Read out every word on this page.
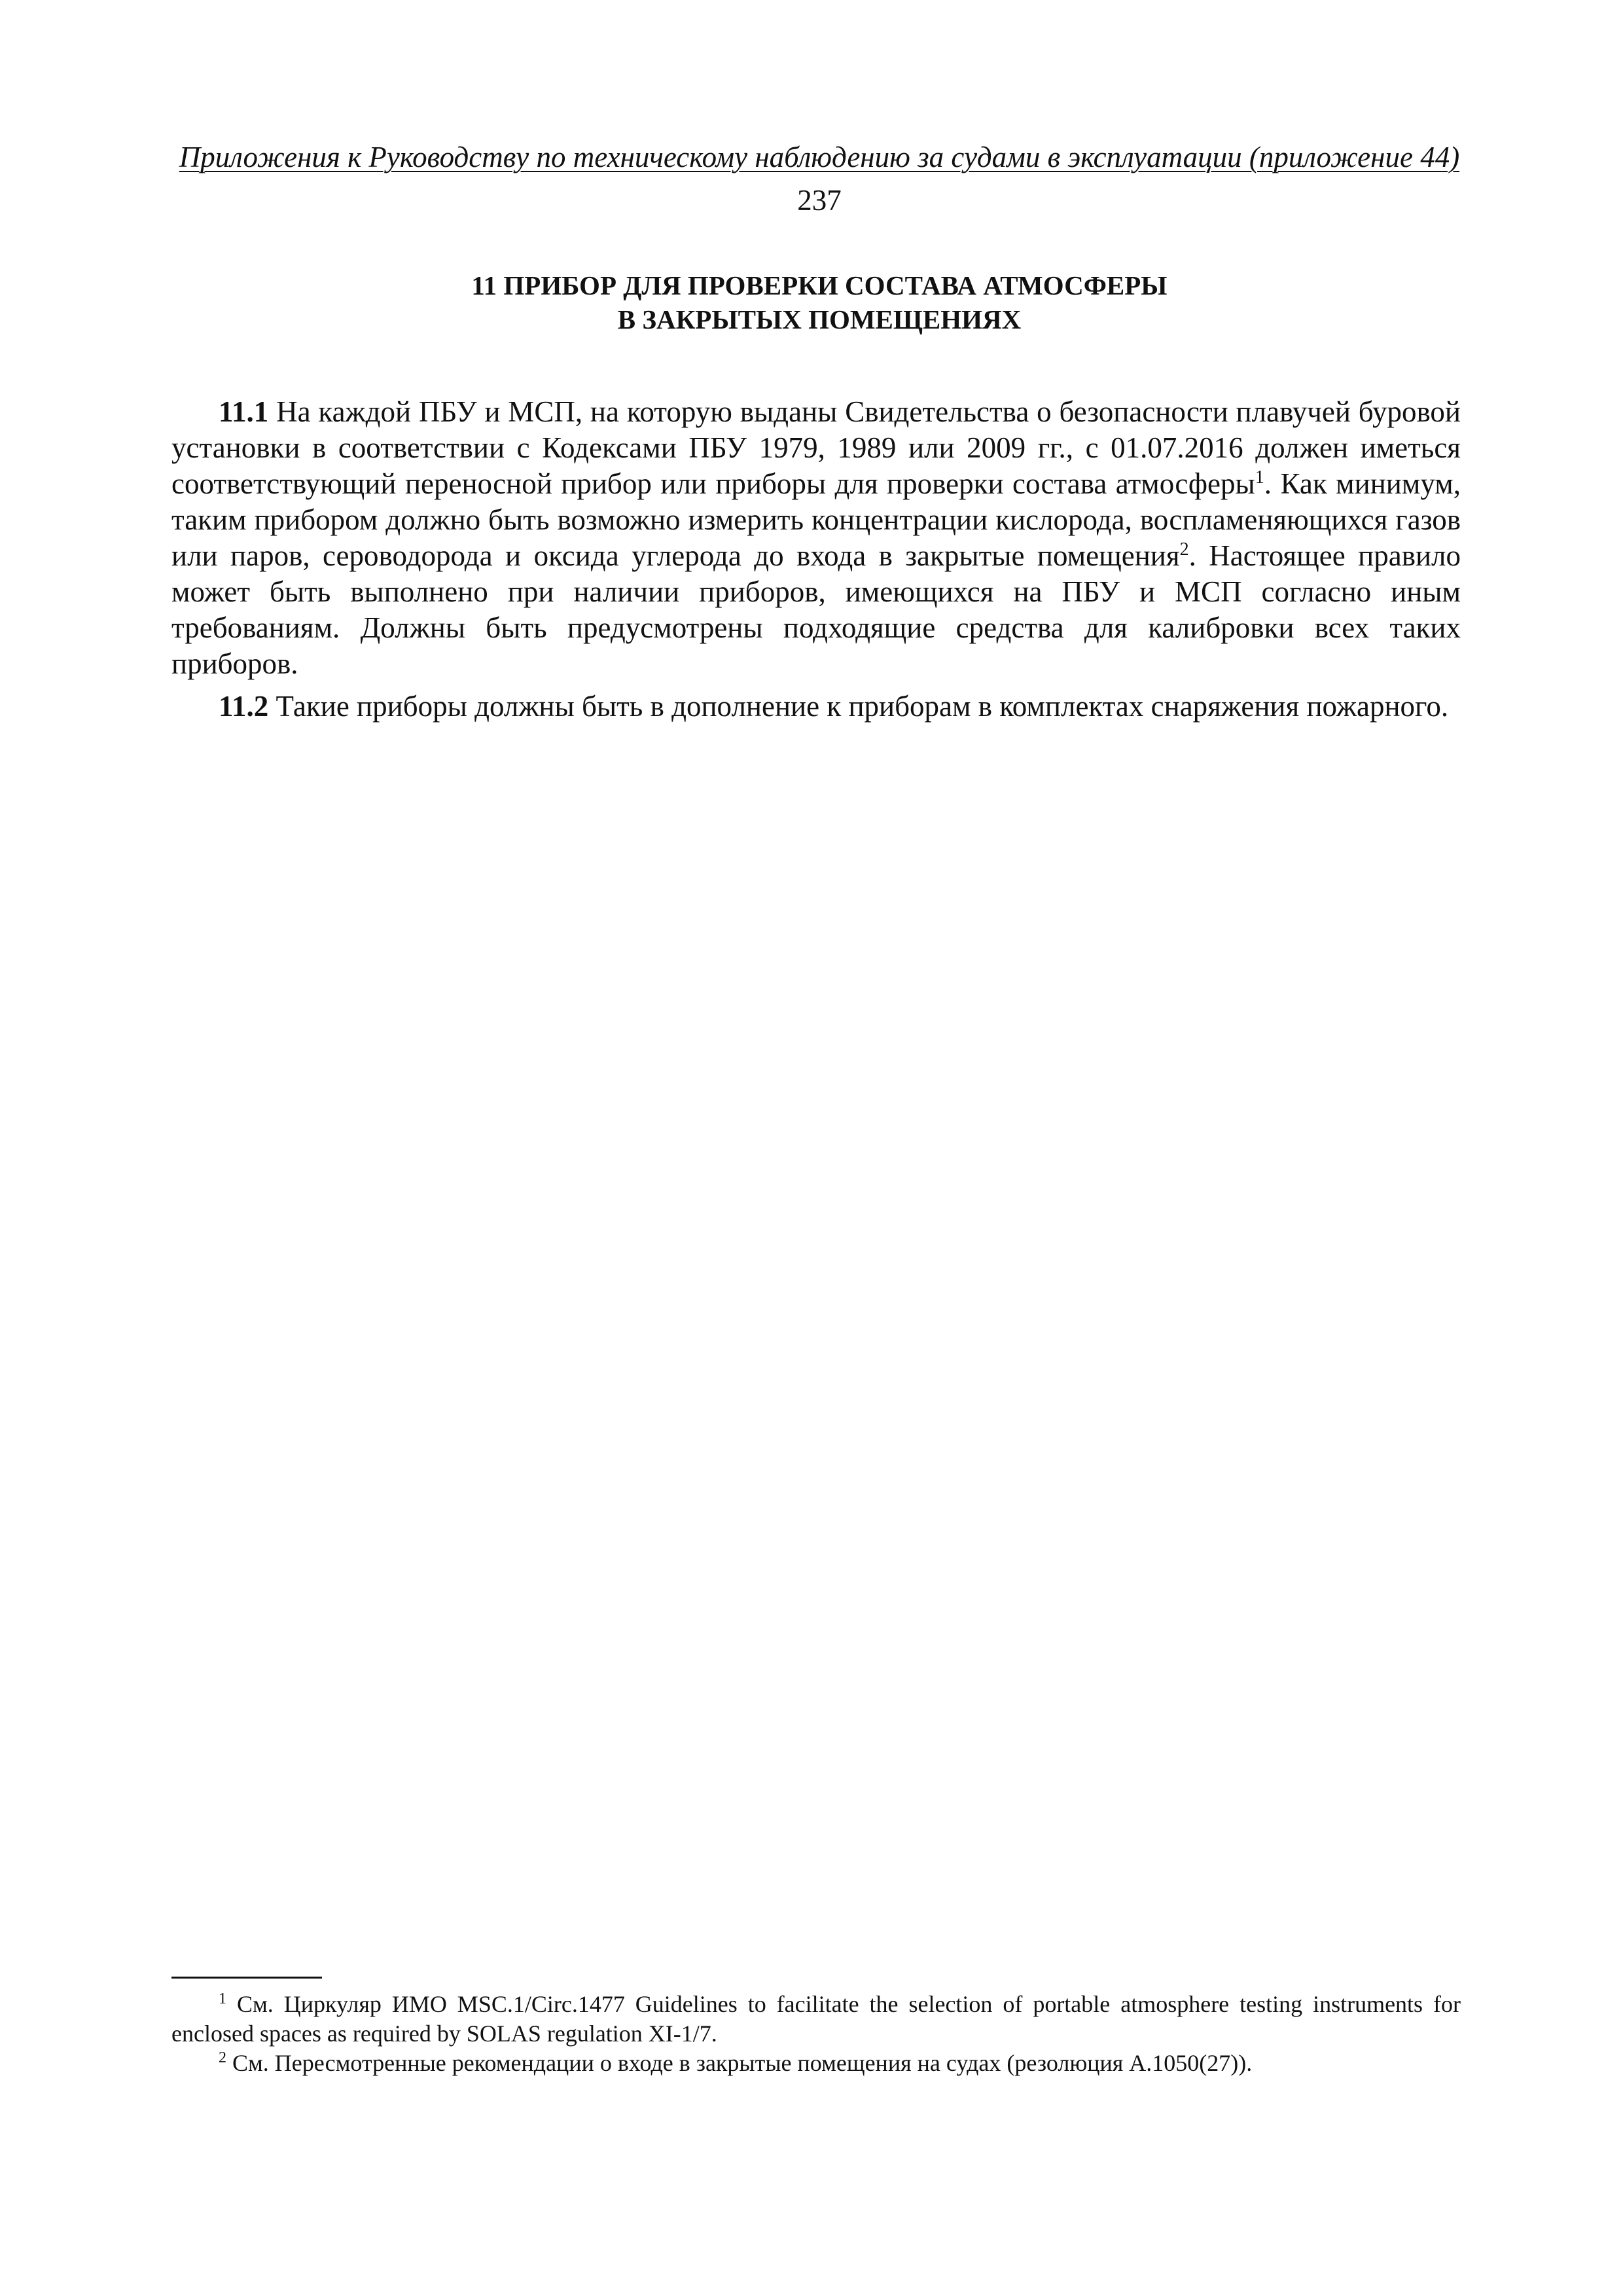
Приложения к Руководству по техническому наблюдению за судами в эксплуатации (приложение 44)
237
11 ПРИБОР ДЛЯ ПРОВЕРКИ СОСТАВА АТМОСФЕРЫ
В ЗАКРЫТЫХ ПОМЕЩЕНИЯХ

11.1 На каждой ПБУ и МСП, на которую выданы Свидетельства о безопасности плавучей буровой установки в соответствии с Кодексами ПБУ 1979, 1989 или 2009 гг., с 01.07.2016 должен иметься соответствующий переносной прибор или приборы для проверки состава атмосферы$^1$. Как минимум, таким прибором должно быть возможно измерить концентрации кислорода, воспламеняющихся газов или паров, сероводорода и оксида углерода до входа в закрытые помещения$^2$. Настоящее правило может быть выполнено при наличии приборов, имеющихся на ПБУ и МСП согласно иным требованиям. Должны быть предусмотрены подходящие средства для калибровки всех таких приборов.

11.2 Такие приборы должны быть в дополнение к приборам в комплектах снаряжения пожарного.

$^1$ См. Циркуляр ИМО MSC.1/Circ.1477 Guidelines to facilitate the selection of portable atmosphere testing instruments for enclosed spaces as required by SOLAS regulation XI-1/7.

$^2$ См. Пересмотренные рекомендации о входе в закрытые помещения на судах (резолюция A.1050(27)).
